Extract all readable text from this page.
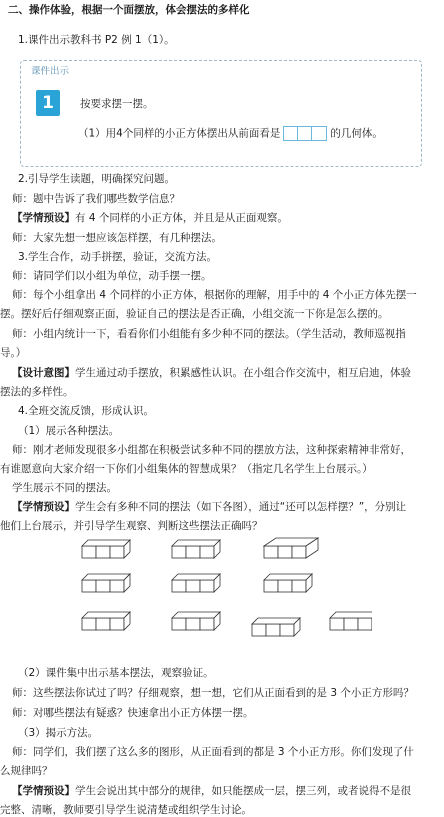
二、操作体验，根据一个面摆放，体会摆法的多样化
1.课件出示教科书 P2 例 1（1）。
课件出示
1	按要求摆一摆。
（1）用4个同样的小正方体摆出从前面看是	的几何体。
2.引导学生读题，明确探究问题。
师：题中告诉了我们哪些数学信息？
【学情预设】有 4 个同样的小正方体，并且是从正面观察。
师：大家先想一想应该怎样摆，有几种摆法。
3.学生合作，动手拼摆，验证，交流方法。
师：请同学们以小组为单位，动手摆一摆。
师：每个小组拿出 4 个同样的小正方体，根据你的理解，用手中的 4 个小正方体先摆一
摆。摆好后仔细观察正面，验证自己的摆法是否正确，小组交流一下你是怎么摆的。
师：小组内统计一下，看看你们小组能有多少种不同的摆法。（学生活动，教师巡视指
导。）
【设计意图】学生通过动手摆放，积累感性认识。在小组合作交流中，相互启迪，体验
摆法的多样性。
4.全班交流反馈，形成认识。
（1）展示各种摆法。
师：刚才老师发现很多小组都在积极尝试多种不同的摆放方法，这种探索精神非常好，
有谁愿意向大家介绍一下你们小组集体的智慧成果？（指定几名学生上台展示。）
学生展示不同的摆法。
【学情预设】学生会有多种不同的摆法（如下各图），通过“还可以怎样摆？”，分别让
他们上台展示，并引导学生观察、判断这些摆法正确吗？
（2）课件集中出示基本摆法，观察验证。
师：这些摆法你试过了吗？仔细观察，想一想，它们从正面看到的是 3 个小正方形吗？
师：对哪些摆法有疑惑？快速拿出小正方体摆一摆。
（3）揭示方法。
师：同学们，我们摆了这么多的图形，从正面看到的都是 3 个小正方形。你们发现了什
么规律吗？
【学情预设】学生会说出其中部分的规律，如只能摆成一层，摆三列，或者说得不是很
完整、清晰，教师要引导学生说清楚或组织学生讨论。
